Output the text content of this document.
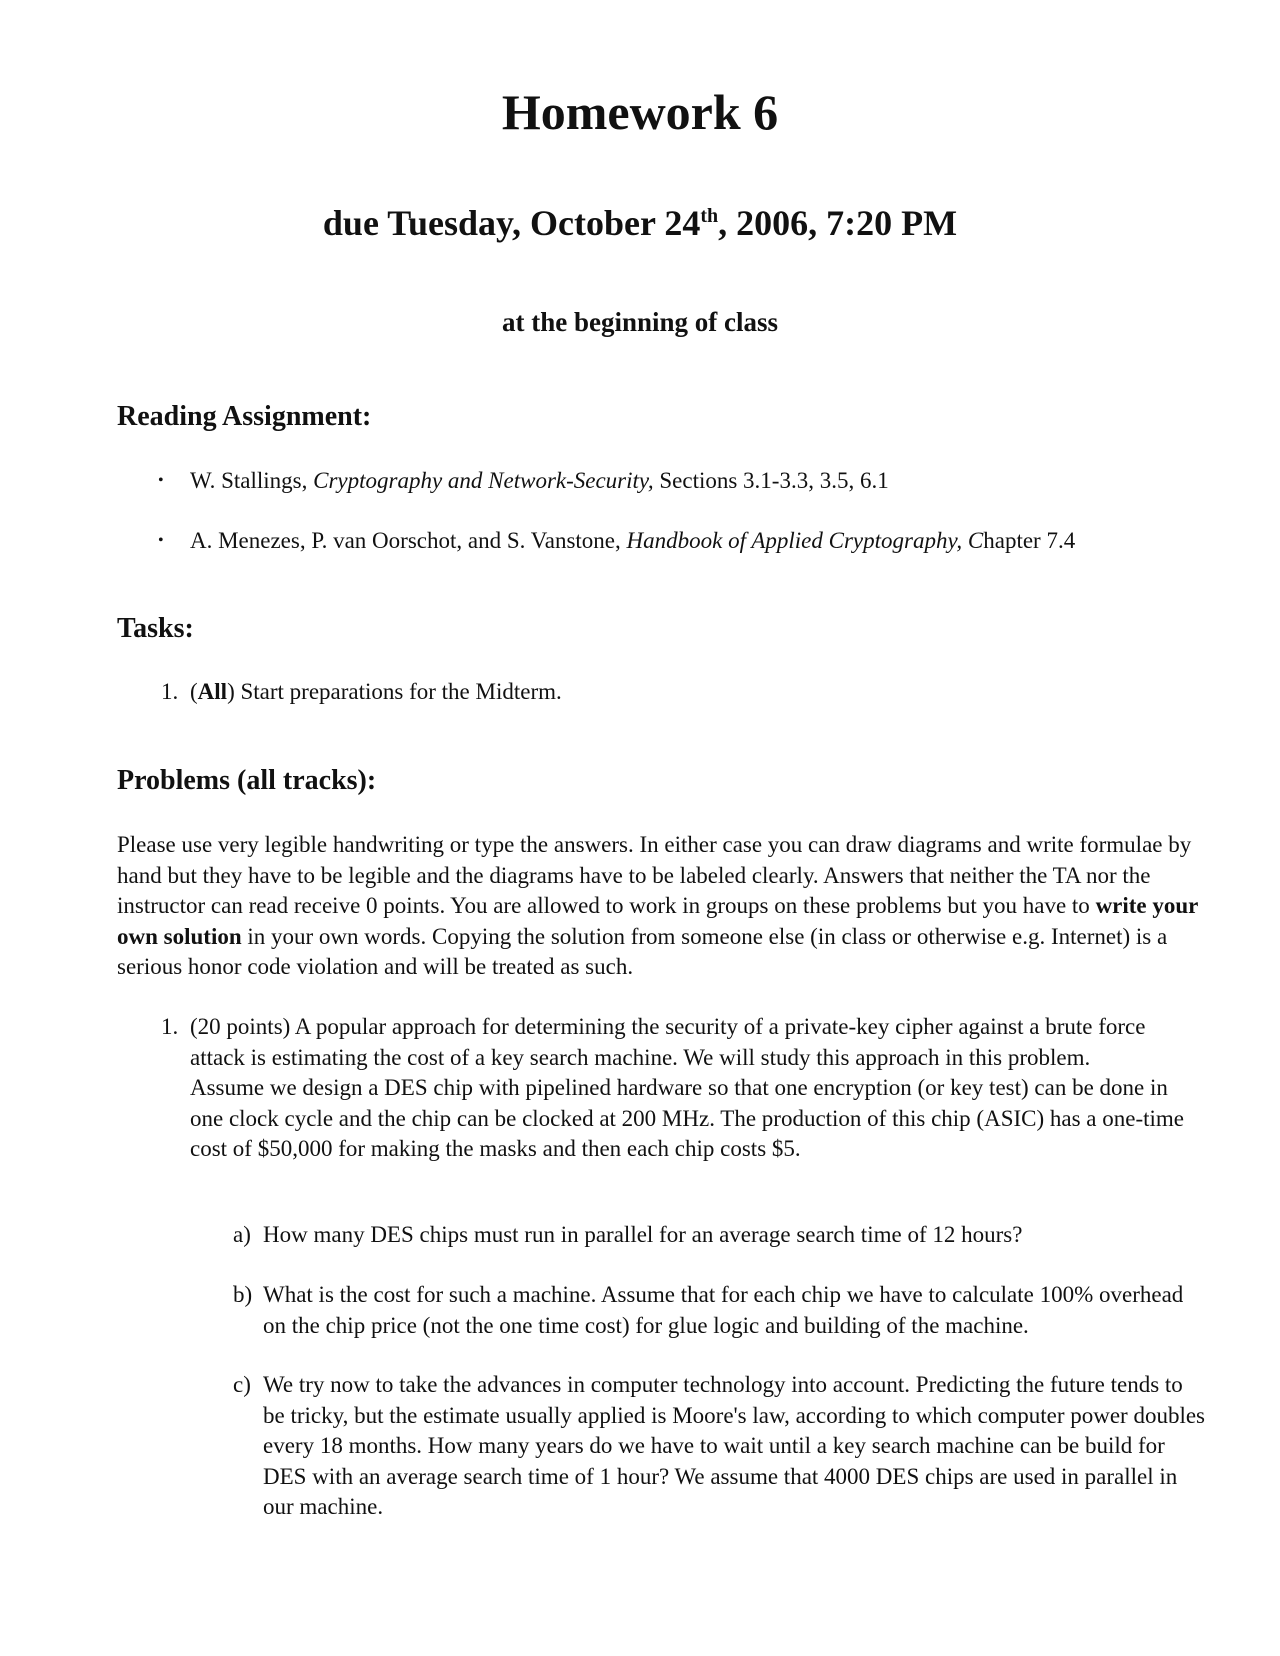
Homework 6
due Tuesday, October 24th, 2006, 7:20 PM
at the beginning of class
Reading Assignment:
• W. Stallings, Cryptography and Network-Security, Sections 3.1-3.3, 3.5, 6.1
• A. Menezes, P. van Oorschot, and S. Vanstone, Handbook of Applied Cryptography, Chapter 7.4
Tasks:
1. (All) Start preparations for the Midterm.
Problems (all tracks):

Please use very legible handwriting or type the answers. In either case you can draw diagrams and write formulae by hand but they have to be legible and the diagrams have to be labeled clearly. Answers that neither the TA nor the instructor can read receive 0 points. You are allowed to work in groups on these problems but you have to write your own solution in your own words. Copying the solution from someone else (in class or otherwise e.g. Internet) is a serious honor code violation and will be treated as such.

1. (20 points) A popular approach for determining the security of a private-key cipher against a brute force attack is estimating the cost of a key search machine. We will study this approach in this problem.

Assume we design a DES chip with pipelined hardware so that one encryption (or key test) can be done in one clock cycle and the chip can be clocked at 200 MHz. The production of this chip (ASIC) has a one-time cost of $50,000 for making the masks and then each chip costs $5.

a) How many DES chips must run in parallel for an average search time of 12 hours?
b) What is the cost for such a machine. Assume that for each chip we have to calculate 100% overhead on the chip price (not the one time cost) for glue logic and building of the machine.
c) We try now to take the advances in computer technology into account. Predicting the future tends to be tricky, but the estimate usually applied is Moore's law, according to which computer power doubles every 18 months. How many years do we have to wait until a key search machine can be build for DES with an average search time of 1 hour? We assume that 4000 DES chips are used in parallel in our machine.
